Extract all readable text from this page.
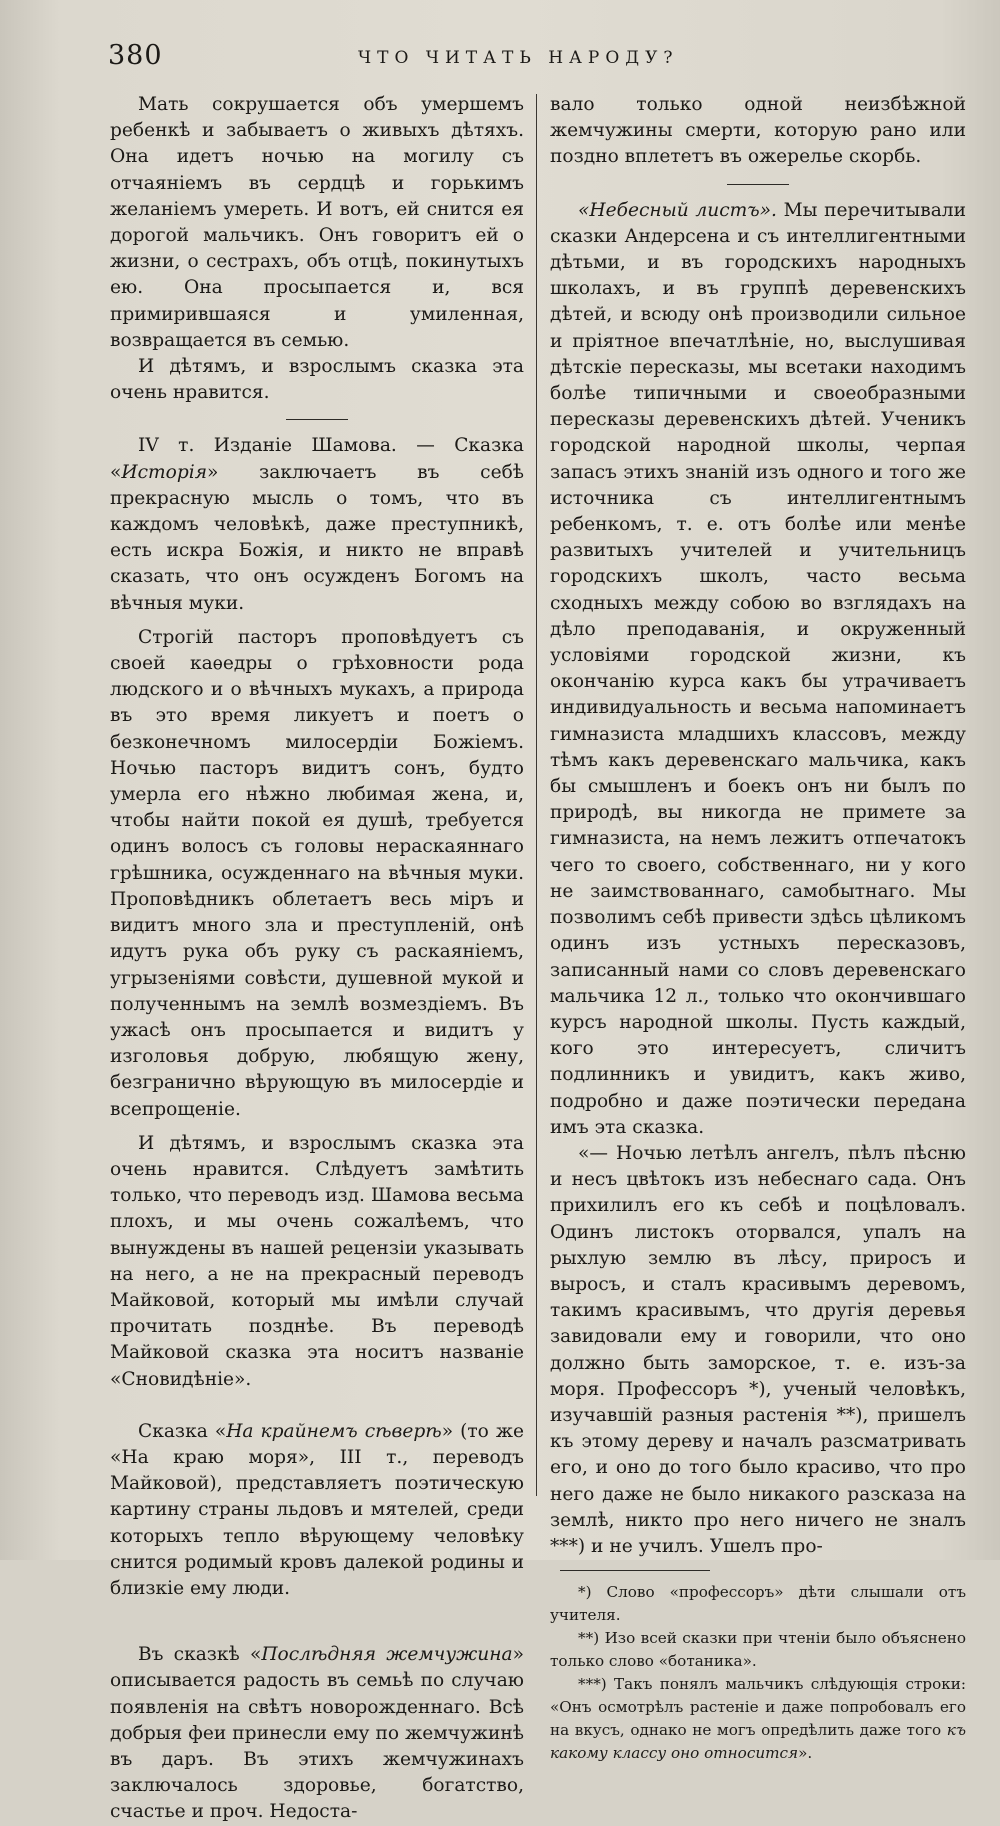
380	ЧТО ЧИТАТЬ НАРОДУ?

Мать сокрушается объ умершемъ ребенкѣ и забываетъ о живыхъ дѣтяхъ. Она идетъ ночью на могилу съ отчаяніемъ въ сердцѣ и горькимъ желаніемъ умереть. И вотъ, ей снится ея дорогой мальчикъ. Онъ говоритъ ей о жизни, о сестрахъ, объ отцѣ, покинутыхъ ею. Она просыпается и, вся примирившаяся и умиленная, возвращается въ семью.

И дѣтямъ, и взрослымъ сказка эта очень нравится.

IV т. Изданіе Шамова. — Сказка «Исторія» заключаетъ въ себѣ прекрасную мысль о томъ, что въ каждомъ человѣкѣ, даже преступникѣ, есть искра Божія, и никто не вправѣ сказать, что онъ осужденъ Богомъ на вѣчныя муки.

Строгій пасторъ проповѣдуетъ съ своей каѳедры о грѣховности рода людского и о вѣчныхъ мукахъ, а природа въ это время ликуетъ и поетъ о безконечномъ милосердіи Божіемъ. Ночью пасторъ видитъ сонъ, будто умерла его нѣжно любимая жена, и, чтобы найти покой ея душѣ, требуется одинъ волосъ съ головы нераскаяннаго грѣшника, осужденнаго на вѣчныя муки. Проповѣдникъ облетаетъ весь міръ и видитъ много зла и преступленій, онѣ идутъ рука объ руку съ раскаяніемъ, угрызеніями совѣсти, душевной мукой и полученнымъ на землѣ возмездіемъ. Въ ужасѣ онъ просыпается и видитъ у изголовья добрую, любящую жену, безгранично вѣрующую въ милосердіе и всепрощеніе.

И дѣтямъ, и взрослымъ сказка эта очень нравится. Слѣдуетъ замѣтить только, что переводъ изд. Шамова весьма плохъ, и мы очень сожалѣемъ, что вынуждены въ нашей рецензіи указывать на него, а не на прекрасный переводъ Майковой, который мы имѣли случай прочитать позднѣе. Въ переводѣ Майковой сказка эта носитъ названіе «Сновидѣніе».

Сказка «На крайнемъ сѣверѣ» (то же «На краю моря», III т., переводъ Майковой), представляетъ поэтическую картину страны льдовъ и мятелей, среди которыхъ тепло вѣрующему человѣку снится родимый кровъ далекой родины и близкіе ему люди.

Въ сказкѣ «Послѣдняя жемчужина» описывается радость въ семьѣ по случаю появленія на свѣтъ новорожденнаго. Всѣ добрыя феи принесли ему по жемчужинѣ въ даръ. Въ этихъ жемчужинахъ заключалось здоровье, богатство, счастье и проч. Недоста-

вало только одной неизбѣжной жемчужины смерти, которую рано или поздно вплететъ въ ожерелье скорбь.

«Небесный листъ». Мы перечитывали сказки Андерсена и съ интеллигентными дѣтьми, и въ городскихъ народныхъ школахъ, и въ группѣ деревенскихъ дѣтей, и всюду онѣ производили сильное и пріятное впечатлѣніе, но, выслушивая дѣтскіе пересказы, мы всетаки находимъ болѣе типичными и своеобразными пересказы деревенскихъ дѣтей. Ученикъ городской народной школы, черпая запасъ этихъ знаній изъ одного и того же источника съ интеллигентнымъ ребенкомъ, т. е. отъ болѣе или менѣе развитыхъ учителей и учительницъ городскихъ школъ, часто весьма сходныхъ между собою во взглядахъ на дѣло преподаванія, и окруженный условіями городской жизни, къ окончанію курса какъ бы утрачиваетъ индивидуальность и весьма напоминаетъ гимназиста младшихъ классовъ, между тѣмъ какъ деревенскаго мальчика, какъ бы смышленъ и боекъ онъ ни былъ по природѣ, вы никогда не примете за гимназиста, на немъ лежитъ отпечатокъ чего то своего, собственнаго, ни у кого не заимствованнаго, самобытнаго. Мы позволимъ себѣ привести здѣсь цѣликомъ одинъ изъ устныхъ пересказовъ, записанный нами со словъ деревенскаго мальчика 12 л., только что окончившаго курсъ народной школы. Пусть каждый, кого это интересуетъ, сличитъ подлинникъ и увидитъ, какъ живо, подробно и даже поэтически передана имъ эта сказка.

«— Ночью летѣлъ ангелъ, пѣлъ пѣсню и несъ цвѣтокъ изъ небеснаго сада. Онъ прихилилъ его къ себѣ и поцѣловалъ. Одинъ листокъ оторвался, упалъ на рыхлую землю въ лѣсу, приросъ и выросъ, и сталъ красивымъ деревомъ, такимъ красивымъ, что другія деревья завидовали ему и говорили, что оно должно быть заморское, т. е. изъ-за моря. Профессоръ *), ученый человѣкъ, изучавшій разныя растенія **), пришелъ къ этому дереву и началъ разсматривать его, и оно до того было красиво, что про него даже не было никакого разсказа на землѣ, никто про него ничего не зналъ ***) и не училъ. Ушелъ про-

*) Слово «профессоръ» дѣти слышали отъ учителя.

**) Изо всей сказки при чтеніи было объяснено только слово «ботаника».

***) Такъ понялъ мальчикъ слѣдующія строки: «Онъ осмотрѣлъ растеніе и даже попробовалъ его на вкусъ, однако не могъ опредѣлить даже того къ какому классу оно относится».
